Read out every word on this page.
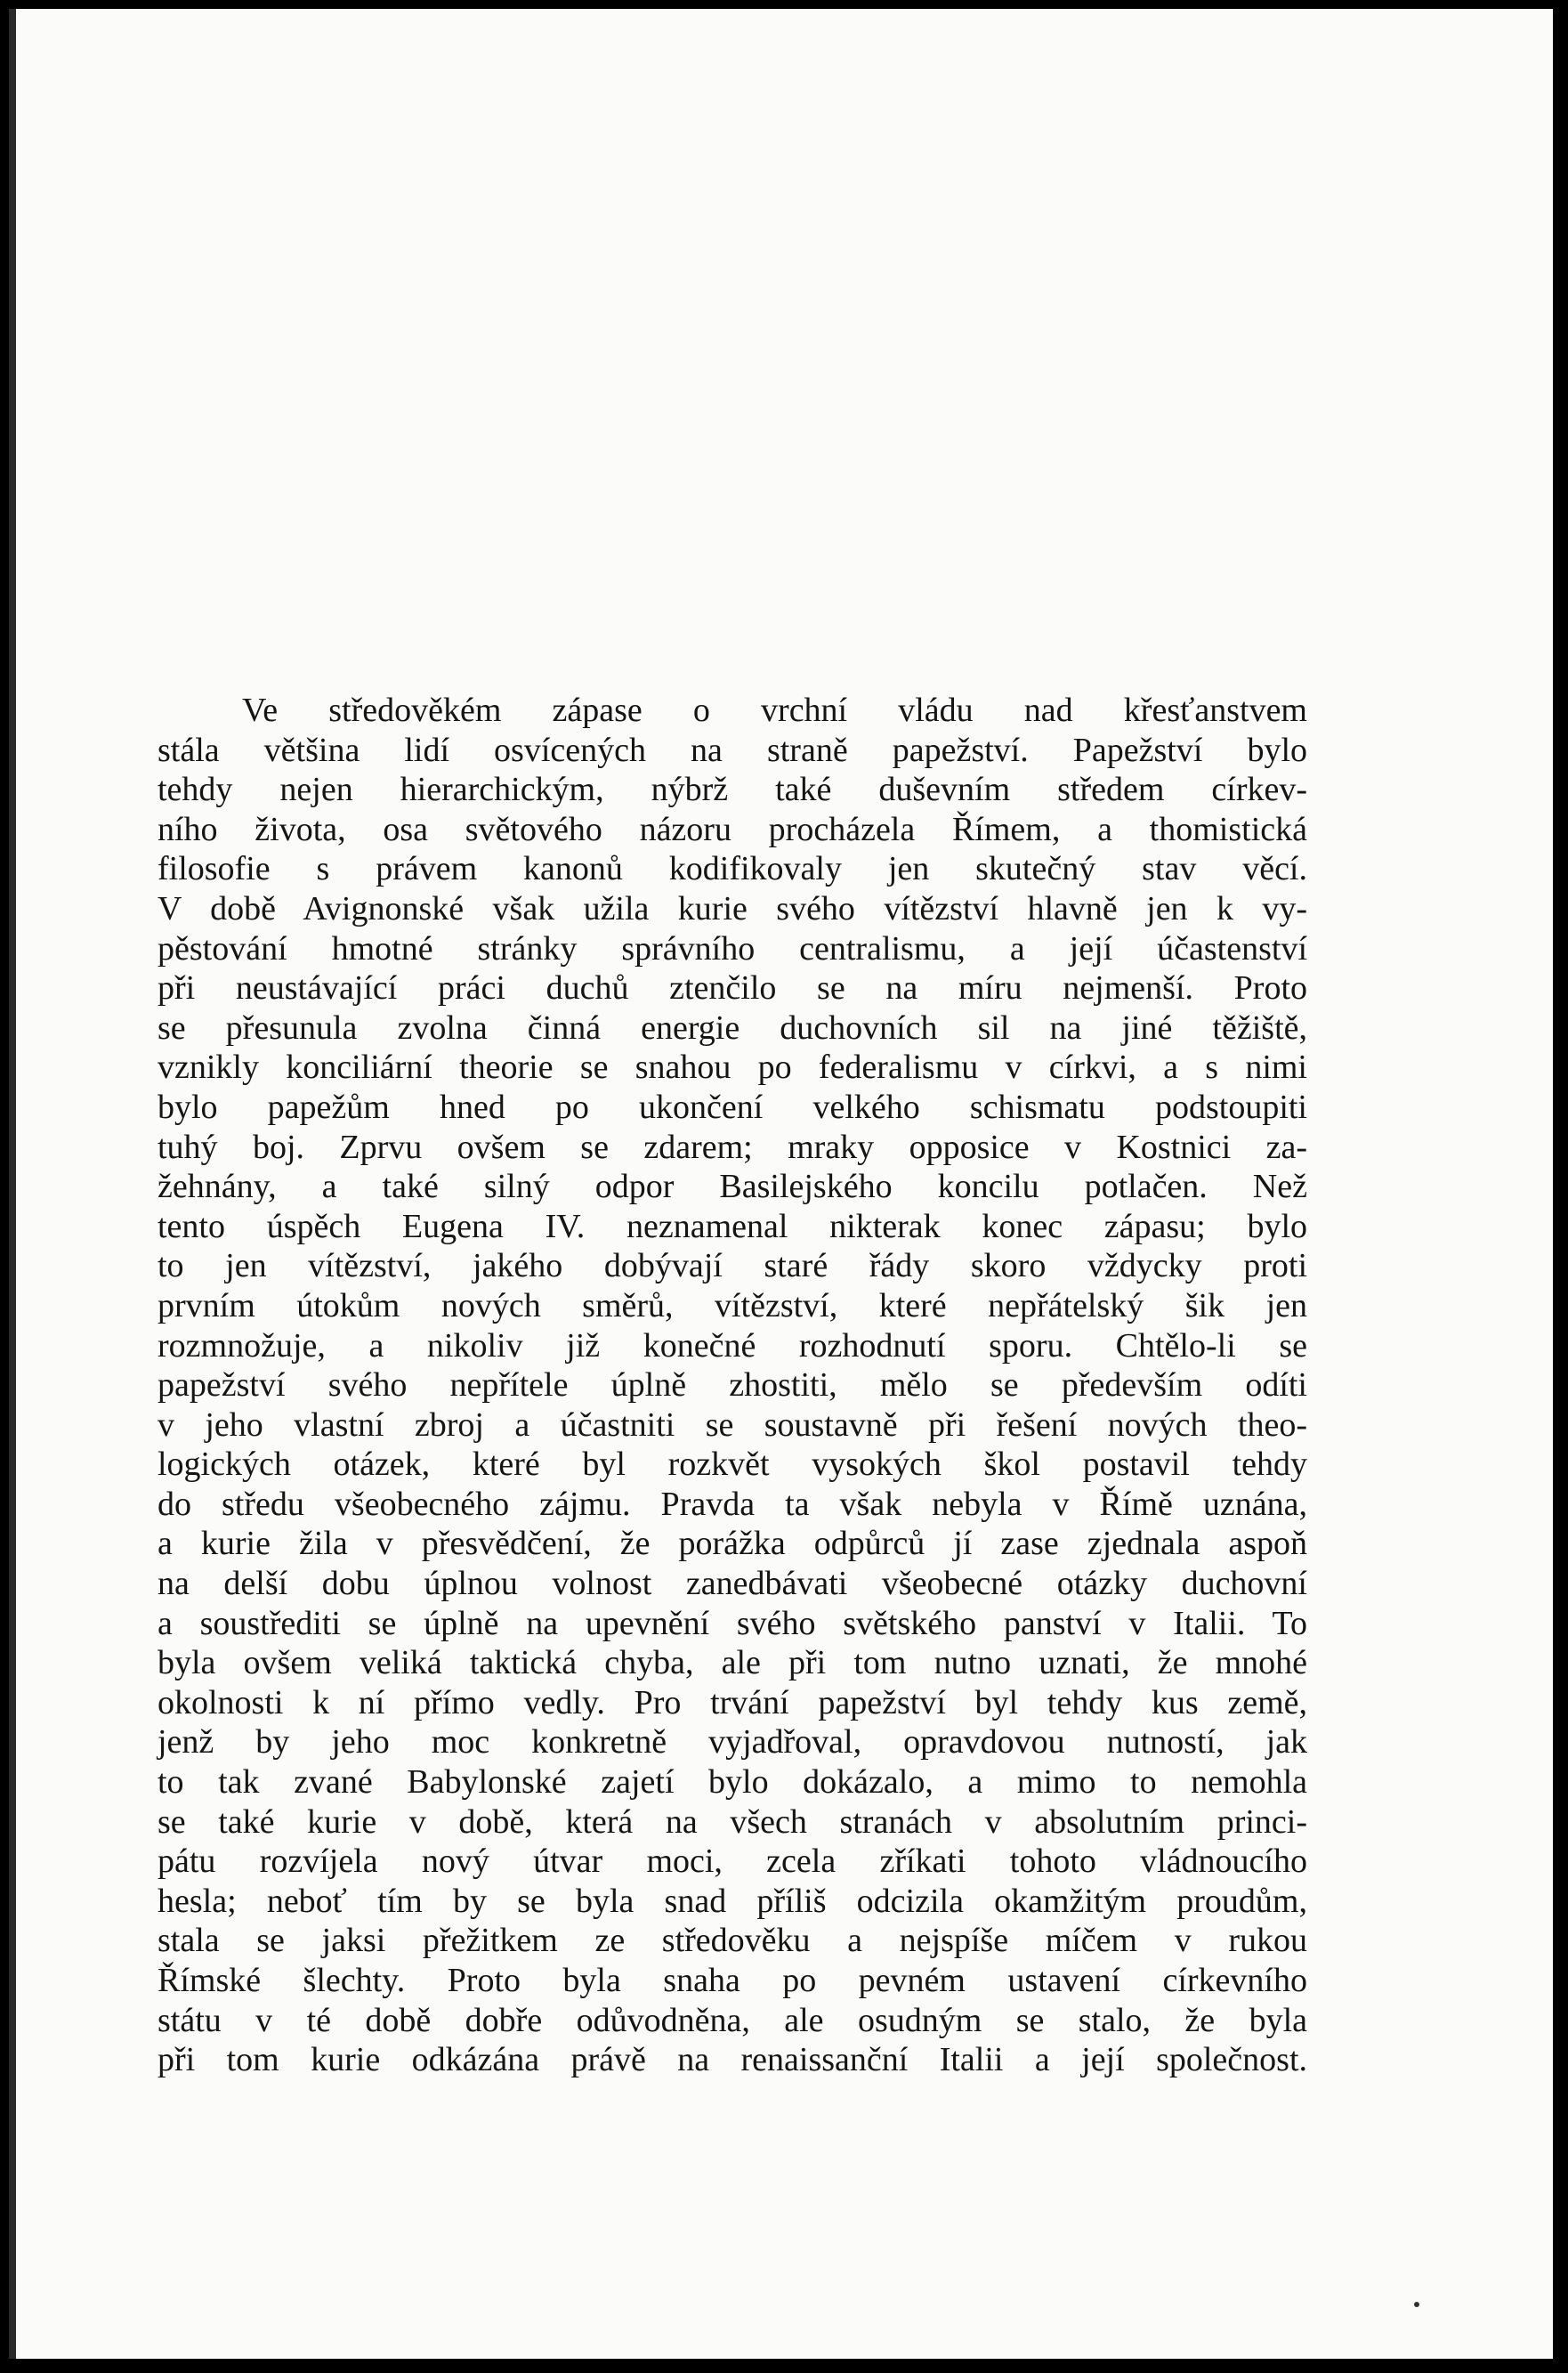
Ve středověkém zápase o vrchní vládu nad křesťanstvem
stála většina lidí osvícených na straně papežství. Papežství bylo
tehdy nejen hierarchickým, nýbrž také duševním středem církev-
ního života, osa světového názoru procházela Římem, a thomistická
filosofie s právem kanonů kodifikovaly jen skutečný stav věcí.
V době Avignonské však užila kurie svého vítězství hlavně jen k vy-
pěstování hmotné stránky správního centralismu, a její účastenství
při neustávající práci duchů ztenčilo se na míru nejmenší. Proto
se přesunula zvolna činná energie duchovních sil na jiné těžiště,
vznikly konciliární theorie se snahou po federalismu v církvi, a s nimi
bylo papežům hned po ukončení velkého schismatu podstoupiti
tuhý boj. Zprvu ovšem se zdarem; mraky opposice v Kostnici za-
žehnány, a také silný odpor Basilejského koncilu potlačen. Než
tento úspěch Eugena IV. neznamenal nikterak konec zápasu; bylo
to jen vítězství, jakého dobývají staré řády skoro vždycky proti
prvním útokům nových směrů, vítězství, které nepřátelský šik jen
rozmnožuje, a nikoliv již konečné rozhodnutí sporu. Chtělo-li se
papežství svého nepřítele úplně zhostiti, mělo se především odíti
v jeho vlastní zbroj a účastniti se soustavně při řešení nových theo-
logických otázek, které byl rozkvět vysokých škol postavil tehdy
do středu všeobecného zájmu. Pravda ta však nebyla v Římě uznána,
a kurie žila v přesvědčení, že porážka odpůrců jí zase zjednala aspoň
na delší dobu úplnou volnost zanedbávati všeobecné otázky duchovní
a soustřediti se úplně na upevnění svého světského panství v Italii. To
byla ovšem veliká taktická chyba, ale při tom nutno uznati, že mnohé
okolnosti k ní přímo vedly. Pro trvání papežství byl tehdy kus země,
jenž by jeho moc konkretně vyjadřoval, opravdovou nutností, jak
to tak zvané Babylonské zajetí bylo dokázalo, a mimo to nemohla
se také kurie v době, která na všech stranách v absolutním princi-
pátu rozvíjela nový útvar moci, zcela zříkati tohoto vládnoucího
hesla; neboť tím by se byla snad příliš odcizila okamžitým proudům,
stala se jaksi přežitkem ze středověku a nejspíše míčem v rukou
Římské šlechty. Proto byla snaha po pevném ustavení církevního
státu v té době dobře odůvodněna, ale osudným se stalo, že byla
při tom kurie odkázána právě na renaissanční Italii a její společnost.
